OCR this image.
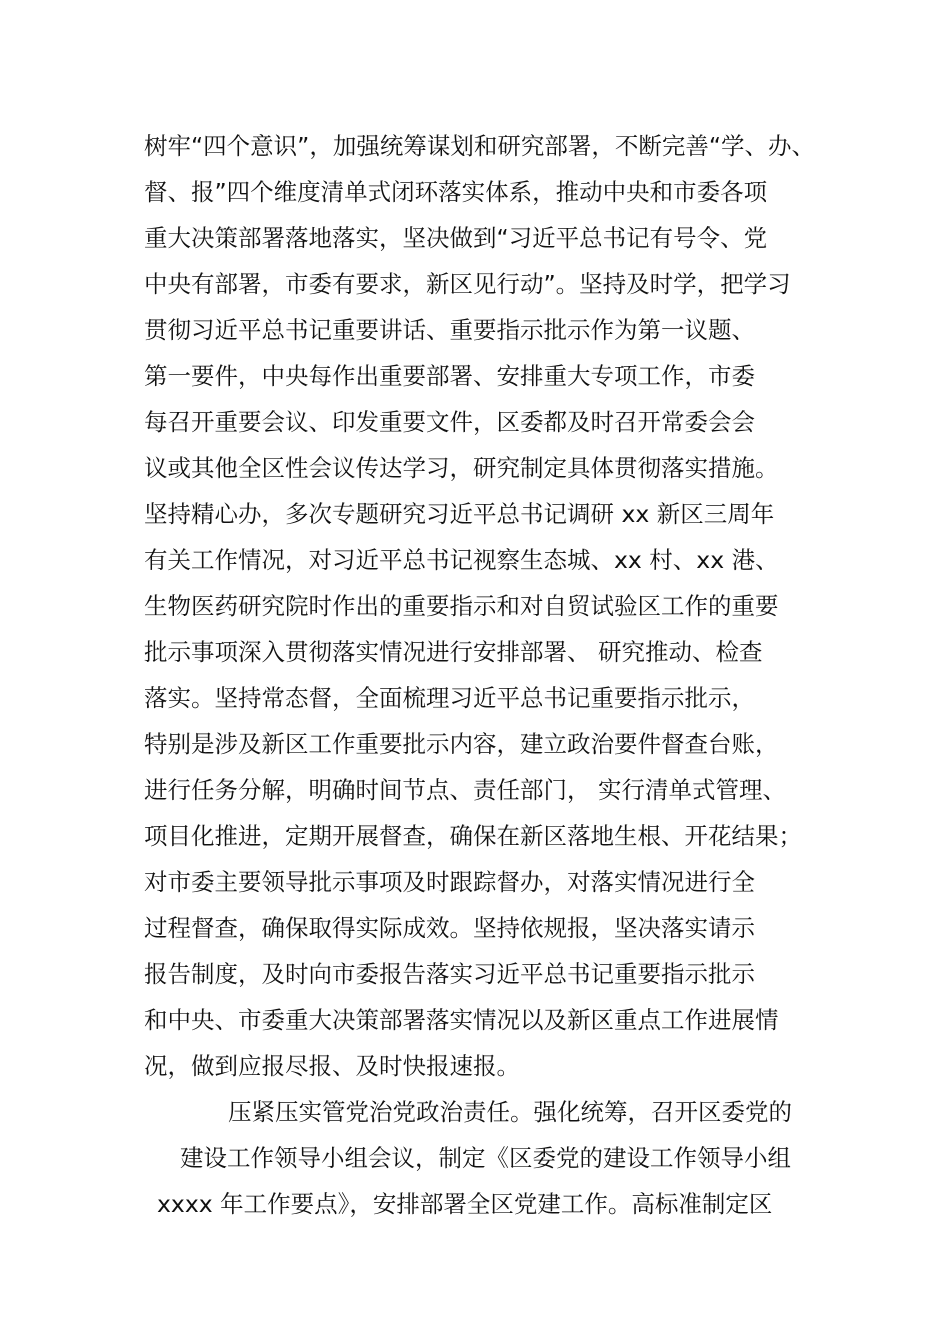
树牢“四个意识”，加强统筹谋划和研究部署，不断完善“学、办、
督、报”四个维度清单式闭环落实体系，推动中央和市委各项
重大决策部署落地落实，坚决做到“习近平总书记有号令、党
中央有部署，市委有要求，新区见行动”。坚持及时学，把学习
贯彻习近平总书记重要讲话、重要指示批示作为第一议题、
第一要件，中央每作出重要部署、安排重大专项工作，市委
每召开重要会议、印发重要文件，区委都及时召开常委会会
议或其他全区性会议传达学习，研究制定具体贯彻落实措施。
坚持精心办，多次专题研究习近平总书记调研 xx 新区三周年
有关工作情况，对习近平总书记视察生态城、xx 村、xx 港、
生物医药研究院时作出的重要指示和对自贸试验区工作的重要
批示事项深入贯彻落实情况进行安排部署、 研究推动、检查
落实。坚持常态督，全面梳理习近平总书记重要指示批示，
特别是涉及新区工作重要批示内容，建立政治要件督查台账，
进行任务分解，明确时间节点、责任部门， 实行清单式管理、
项目化推进，定期开展督查，确保在新区落地生根、开花结果；
对市委主要领导批示事项及时跟踪督办，对落实情况进行全
过程督查，确保取得实际成效。坚持依规报，坚决落实请示
报告制度，及时向市委报告落实习近平总书记重要指示批示
和中央、市委重大决策部署落实情况以及新区重点工作进展情
况，做到应报尽报、及时快报速报。
压紧压实管党治党政治责任。强化统筹，召开区委党的
建设工作领导小组会议，制定《区委党的建设工作领导小组
xxxx 年工作要点》，安排部署全区党建工作。高标准制定区
